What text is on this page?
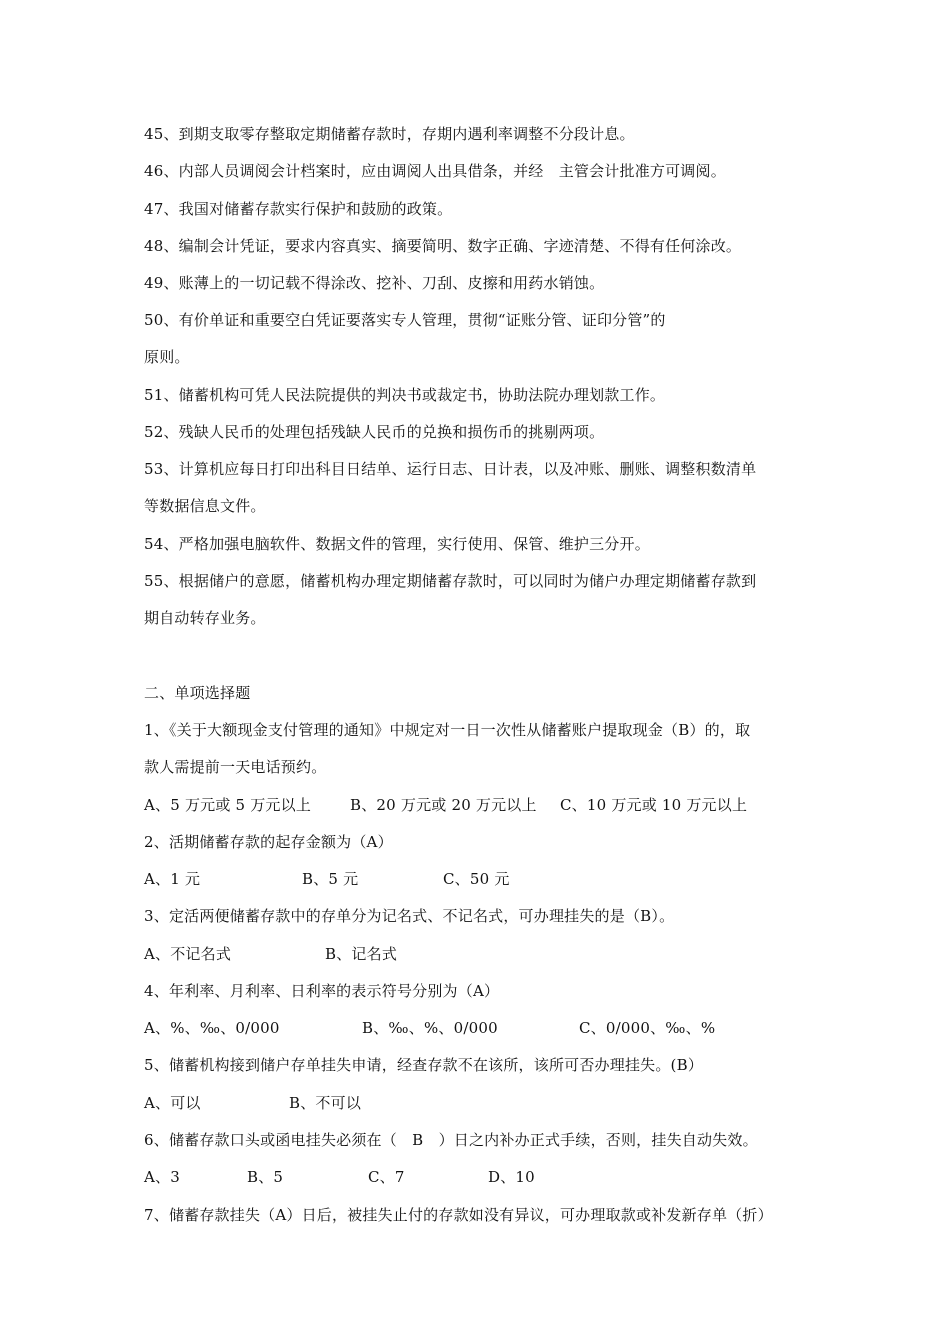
45、到期支取零存整取定期储蓄存款时，存期内遇利率调整不分段计息。
46、内部人员调阅会计档案时，应由调阅人出具借条，并经　主管会计批准方可调阅。
47、我国对储蓄存款实行保护和鼓励的政策。
48、编制会计凭证，要求内容真实、摘要简明、数字正确、字迹清楚、不得有任何涂改。
49、账薄上的一切记载不得涂改、挖补、刀刮、皮擦和用药水销蚀。
50、有价单证和重要空白凭证要落实专人管理，贯彻“证账分管、证印分管”的
原则。
51、储蓄机构可凭人民法院提供的判决书或裁定书，协助法院办理划款工作。
52、残缺人民币的处理包括残缺人民币的兑换和损伤币的挑剔两项。
53、计算机应每日打印出科目日结单、运行日志、日计表，以及冲账、删账、调整积数清单
等数据信息文件。
54、严格加强电脑软件、数据文件的管理，实行使用、保管、维护三分开。
55、根据储户的意愿，储蓄机构办理定期储蓄存款时，可以同时为储户办理定期储蓄存款到
期自动转存业务。
二、单项选择题
1、《关于大额现金支付管理的通知》中规定对一日一次性从储蓄账户提取现金（B）的，取
款人需提前一天电话预约。
A、5 万元或 5 万元以上	B、20 万元或 20 万元以上 C、10 万元或 10 万元以上
2、活期储蓄存款的起存金额为（A）
A、1 元	B、5 元	C、50 元
3、定活两便储蓄存款中的存单分为记名式、不记名式，可办理挂失的是（B）。
A、不记名式	B、记名式
4、年利率、月利率、日利率的表示符号分别为（A）
A、%、‰、0/000	B、‰、%、0/000	C、0/000、‰、%
5、储蓄机构接到储户存单挂失申请，经查存款不在该所，该所可否办理挂失。(B）
A、可以	B、不可以
6、储蓄存款口头或函电挂失必须在（　B　）日之内补办正式手续，否则，挂失自动失效。
A、3	B、5	C、7	D、10
7、储蓄存款挂失（A）日后，被挂失止付的存款如没有异议，可办理取款或补发新存单（折）
